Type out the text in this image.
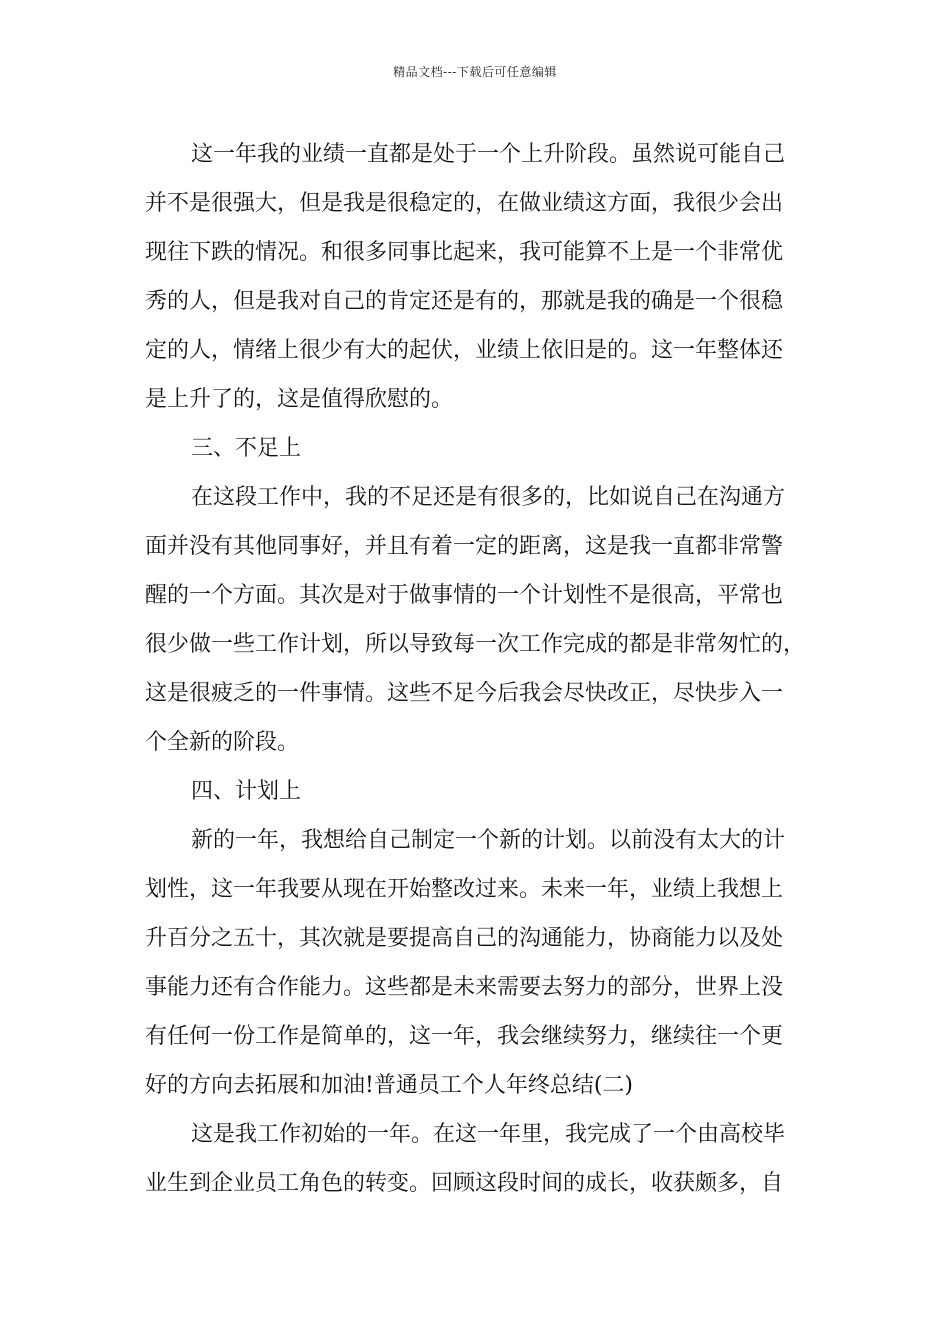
精品文档---下载后可任意编辑
这一年我的业绩一直都是处于一个上升阶段。虽然说可能自己
并不是很强大，但是我是很稳定的，在做业绩这方面，我很少会出
现往下跌的情况。和很多同事比起来，我可能算不上是一个非常优
秀的人，但是我对自己的肯定还是有的，那就是我的确是一个很稳
定的人，情绪上很少有大的起伏，业绩上依旧是的。这一年整体还
是上升了的，这是值得欣慰的。
三、不足上
在这段工作中，我的不足还是有很多的，比如说自己在沟通方
面并没有其他同事好，并且有着一定的距离，这是我一直都非常警
醒的一个方面。其次是对于做事情的一个计划性不是很高，平常也
很少做一些工作计划，所以导致每一次工作完成的都是非常匆忙的，
这是很疲乏的一件事情。这些不足今后我会尽快改正，尽快步入一
个全新的阶段。
四、计划上
新的一年，我想给自己制定一个新的计划。以前没有太大的计
划性，这一年我要从现在开始整改过来。未来一年，业绩上我想上
升百分之五十，其次就是要提高自己的沟通能力，协商能力以及处
事能力还有合作能力。这些都是未来需要去努力的部分，世界上没
有任何一份工作是简单的，这一年，我会继续努力，继续往一个更
好的方向去拓展和加油!普通员工个人年终总结(二)
这是我工作初始的一年。在这一年里，我完成了一个由高校毕
业生到企业员工角色的转变。回顾这段时间的成长，收获颇多，自
